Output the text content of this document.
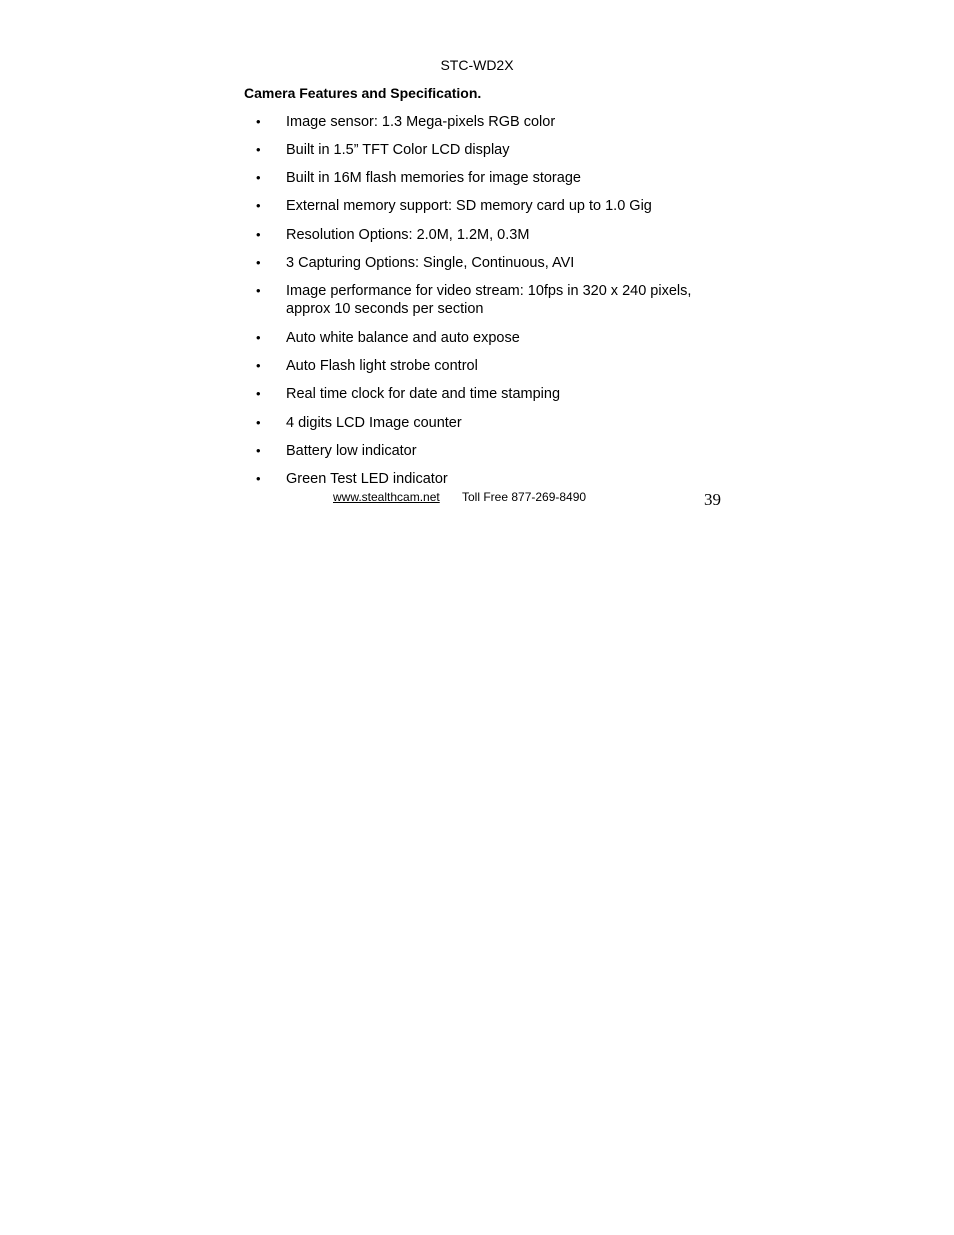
STC-WD2X
Camera Features and Specification.
• Image sensor: 1.3 Mega-pixels RGB color
• Built in 1.5” TFT Color LCD display
• Built in 16M flash memories for image storage
• External memory support: SD memory card up to 1.0 Gig
• Resolution Options: 2.0M, 1.2M, 0.3M
• 3 Capturing Options: Single, Continuous, AVI
• Image performance for video stream: 10fps in 320 x 240 pixels, approx 10 seconds per section
• Auto white balance and auto expose
• Auto Flash light strobe control
• Real time clock for date and time stamping
• 4 digits LCD Image counter
• Battery low indicator
• Green Test LED indicator
www.stealthcam.net Toll Free 877-269-8490	39
